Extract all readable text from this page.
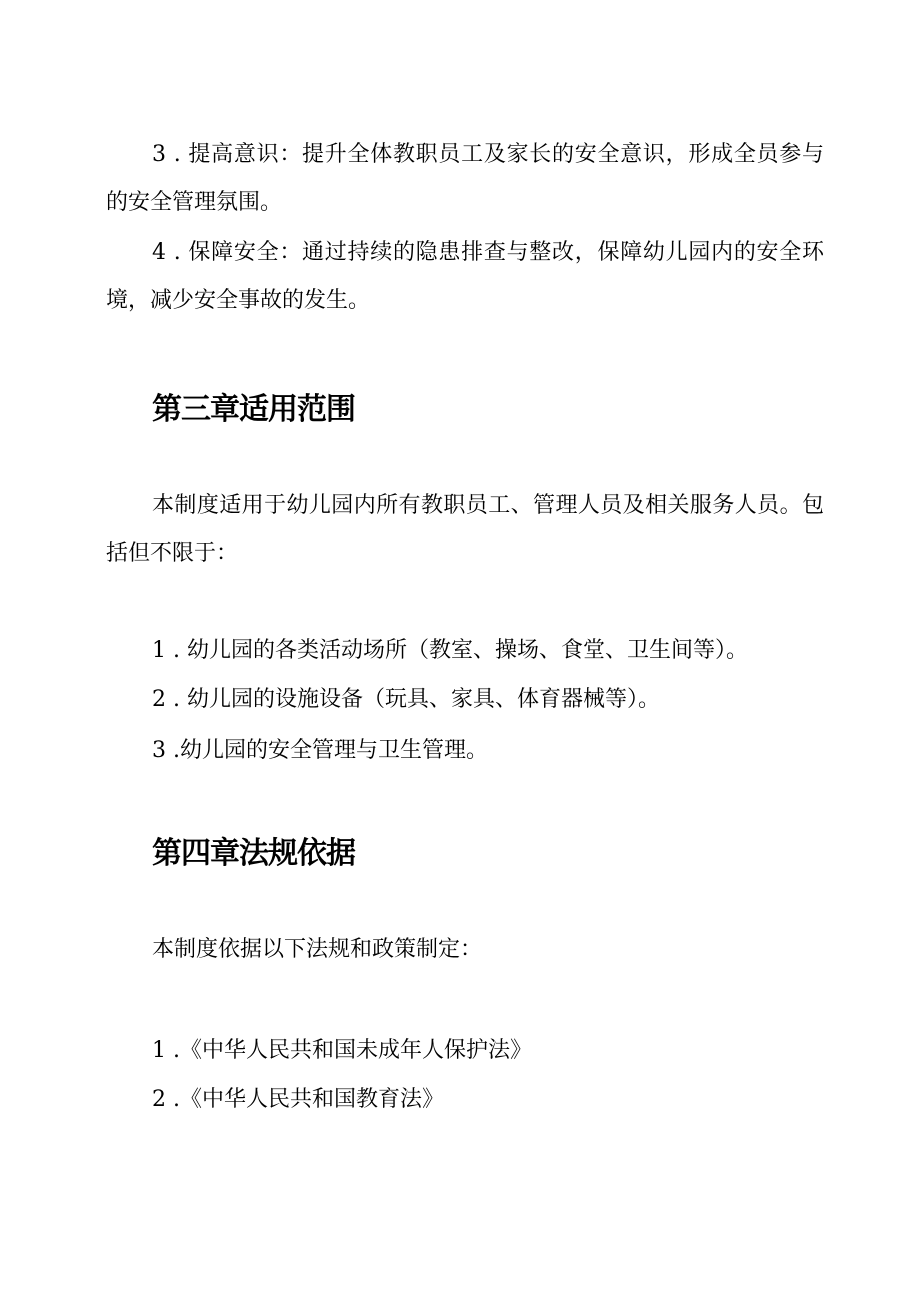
3 . 提高意识：提升全体教职员工及家长的安全意识，形成全员参与的安全管理氛围。

4 . 保障安全：通过持续的隐患排查与整改，保障幼儿园内的安全环境，减少安全事故的发生。

第三章适用范围

本制度适用于幼儿园内所有教职员工、管理人员及相关服务人员。包括但不限于：

1 . 幼儿园的各类活动场所（教室、操场、食堂、卫生间等）。

2 . 幼儿园的设施设备（玩具、家具、体育器械等）。

3 .幼儿园的安全管理与卫生管理。

第四章法规依据

本制度依据以下法规和政策制定：

1 .《中华人民共和国未成年人保护法》

2 .《中华人民共和国教育法》
